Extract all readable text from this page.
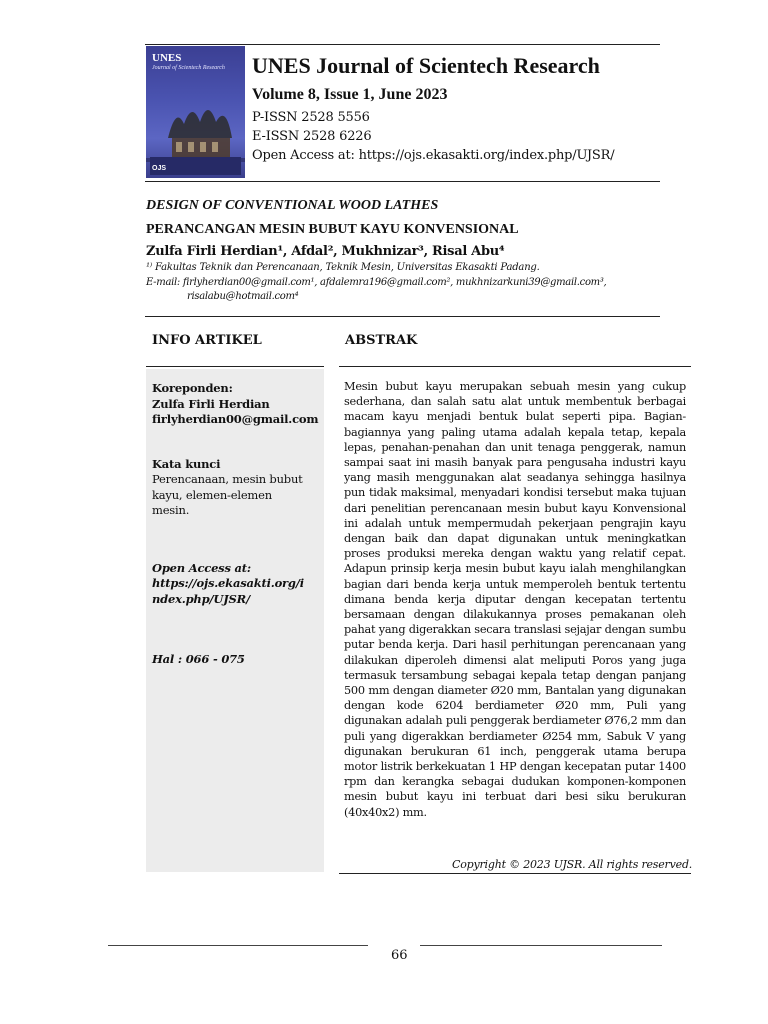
UNES
Journal of Scientech Research
OJS
UNES Journal of Scientech Research
Volume 8, Issue 1, June 2023
P-ISSN 2528 5556
E-ISSN 2528 6226
Open Access at: https://ojs.ekasakti.org/index.php/UJSR/
DESIGN OF CONVENTIONAL WOOD LATHES
PERANCANGAN MESIN BUBUT KAYU KONVENSIONAL
Zulfa Firli Herdian¹, Afdal², Mukhnizar³, Risal Abu⁴
¹⁾ Fakultas Teknik dan Perencanaan, Teknik Mesin, Universitas Ekasakti Padang.
E-mail: firlyherdian00@gmail.com¹, afdalemra196@gmail.com², mukhnizarkuni39@gmail.com³,
risalabu@hotmail.com⁴
INFO ARTIKEL	ABSTRAK
Koreponden:
Zulfa Firli Herdian
firlyherdian00@gmail.com
Kata kunci
Perencanaan, mesin bubut kayu, elemen-elemen mesin.
Open Access at:
https://ojs.ekasakti.org/index.php/UJSR/
Hal : 066 - 075
Mesin bubut kayu merupakan sebuah mesin yang cukup sederhana, dan salah satu alat untuk membentuk berbagai macam kayu menjadi bentuk bulat seperti pipa. Bagian-bagiannya yang paling utama adalah kepala tetap, kepala lepas, penahan-penahan dan unit tenaga penggerak, namun sampai saat ini masih banyak para pengusaha industri kayu yang masih menggunakan alat seadanya sehingga hasilnya pun tidak maksimal, menyadari kondisi tersebut maka tujuan dari penelitian perencanaan mesin bubut kayu Konvensional ini adalah untuk mempermudah pekerjaan pengrajin kayu dengan baik dan dapat digunakan untuk meningkatkan proses produksi mereka dengan waktu yang relatif cepat. Adapun prinsip kerja mesin bubut kayu ialah menghilangkan bagian dari benda kerja untuk memperoleh bentuk tertentu dimana benda kerja diputar dengan kecepatan tertentu bersamaan dengan dilakukannya proses pemakanan oleh pahat yang digerakkan secara translasi sejajar dengan sumbu putar benda kerja. Dari hasil perhitungan perencanaan yang dilakukan diperoleh dimensi alat meliputi Poros yang juga termasuk tersambung sebagai kepala tetap dengan panjang 500 mm dengan diameter Ø20 mm, Bantalan yang digunakan dengan kode 6204 berdiameter Ø20 mm, Puli yang digunakan adalah puli penggerak berdiameter Ø76,2 mm dan puli yang digerakkan berdiameter Ø254 mm, Sabuk V yang digunakan berukuran 61 inch, penggerak utama berupa motor listrik berkekuatan 1 HP dengan kecepatan putar 1400 rpm dan kerangka sebagai dudukan komponen-komponen mesin bubut kayu ini terbuat dari besi siku berukuran (40x40x2) mm.
Copyright © 2023 UJSR. All rights reserved.
66
